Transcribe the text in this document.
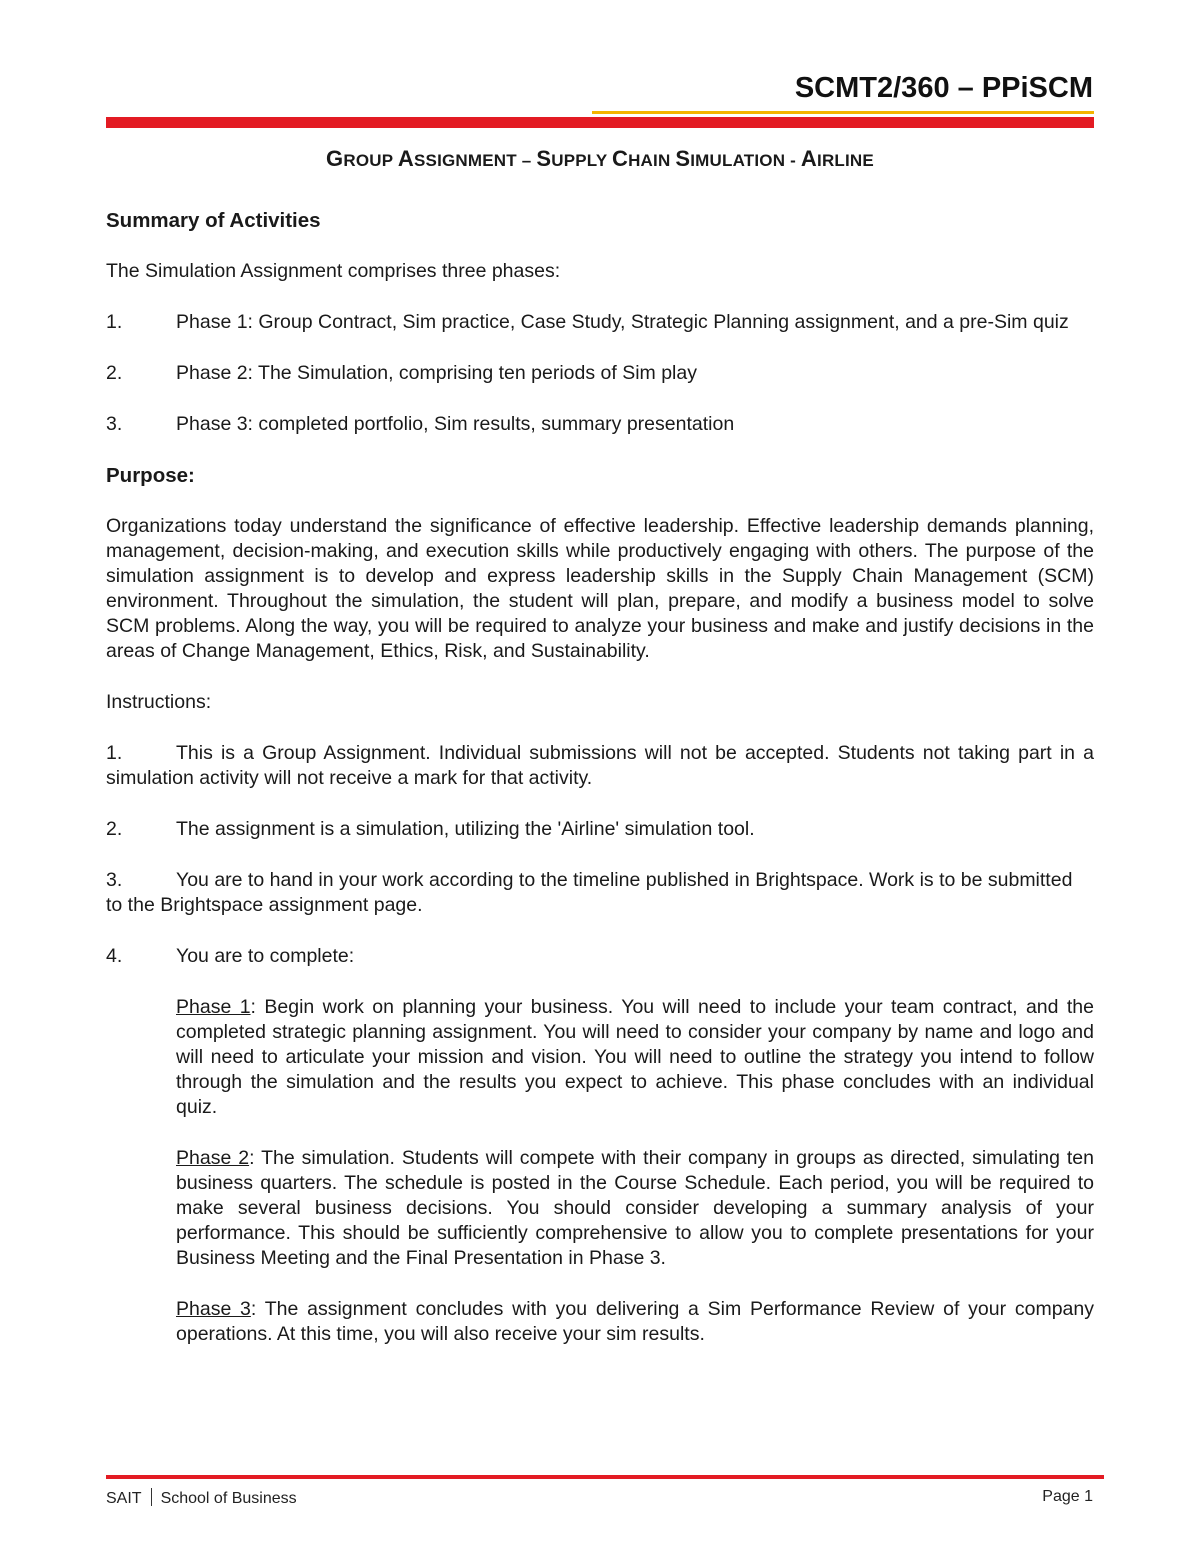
SCMT2/360 – PPiSCM
GROUP ASSIGNMENT – SUPPLY CHAIN SIMULATION - AIRLINE

Summary of Activities

The Simulation Assignment comprises three phases:

1.	Phase 1: Group Contract, Sim practice, Case Study, Strategic Planning assignment, and a pre-Sim quiz

2.	Phase 2: The Simulation, comprising ten periods of Sim play

3.	Phase 3: completed portfolio, Sim results, summary presentation

Purpose:

Organizations today understand the significance of effective leadership. Effective leadership demands planning, management, decision-making, and execution skills while productively engaging with others. The purpose of the simulation assignment is to develop and express leadership skills in the Supply Chain Management (SCM) environment. Throughout the simulation, the student will plan, prepare, and modify a business model to solve SCM problems. Along the way, you will be required to analyze your business and make and justify decisions in the areas of Change Management, Ethics, Risk, and Sustainability.

Instructions:

1.	This is a Group Assignment. Individual submissions will not be accepted. Students not taking part in a simulation activity will not receive a mark for that activity.

2.	The assignment is a simulation, utilizing the 'Airline' simulation tool.

3.	You are to hand in your work according to the timeline published in Brightspace. Work is to be submitted to the Brightspace assignment page.

4.	You are to complete:

Phase 1: Begin work on planning your business. You will need to include your team contract, and the completed strategic planning assignment. You will need to consider your company by name and logo and will need to articulate your mission and vision. You will need to outline the strategy you intend to follow through the simulation and the results you expect to achieve. This phase concludes with an individual quiz.

Phase 2: The simulation. Students will compete with their company in groups as directed, simulating ten business quarters. The schedule is posted in the Course Schedule. Each period, you will be required to make several business decisions. You should consider developing a summary analysis of your performance. This should be sufficiently comprehensive to allow you to complete presentations for your Business Meeting and the Final Presentation in Phase 3.

Phase 3: The assignment concludes with you delivering a Sim Performance Review of your company operations. At this time, you will also receive your sim results.

SAIT School of Business	Page 1
